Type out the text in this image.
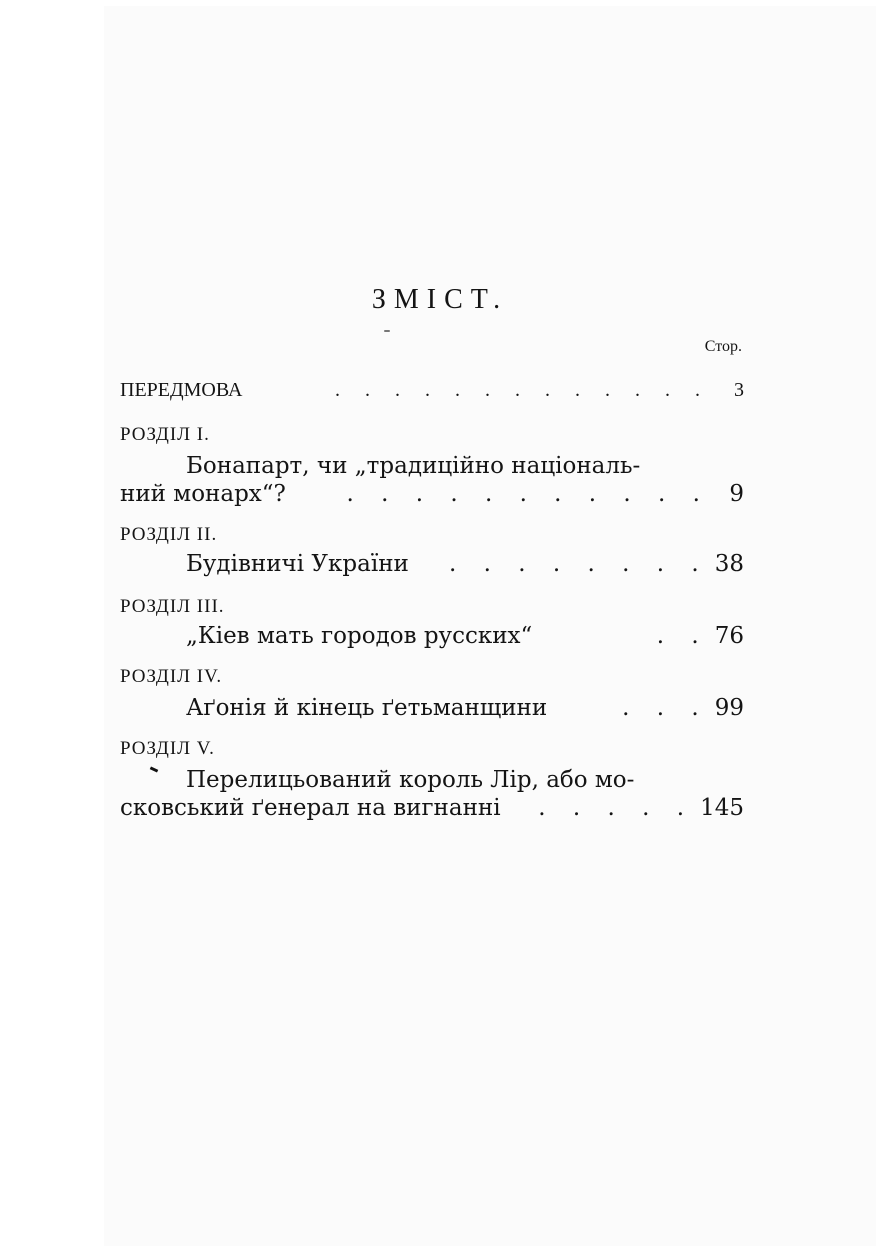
ЗМІСТ.
Стор.
ПЕРЕДМОВА	. . . . . . . . . . . . .	3
РОЗДІЛ I.
Бонапарт, чи „традиційно національ-
ний монарх“?	. . . . . . . . . . . 9
РОЗДІЛ II.
Будівничі України	. . . . . . . . 38
РОЗДІЛ III.
„Кіев мать городов русских“	. . 76
РОЗДІЛ IV.
Аґонія й кінець ґетьманщини	. . . 99
РОЗДІЛ V.
Перелицьований король Лір, або мо-
сковський ґенерал на вигнанні	. . . . . 145
